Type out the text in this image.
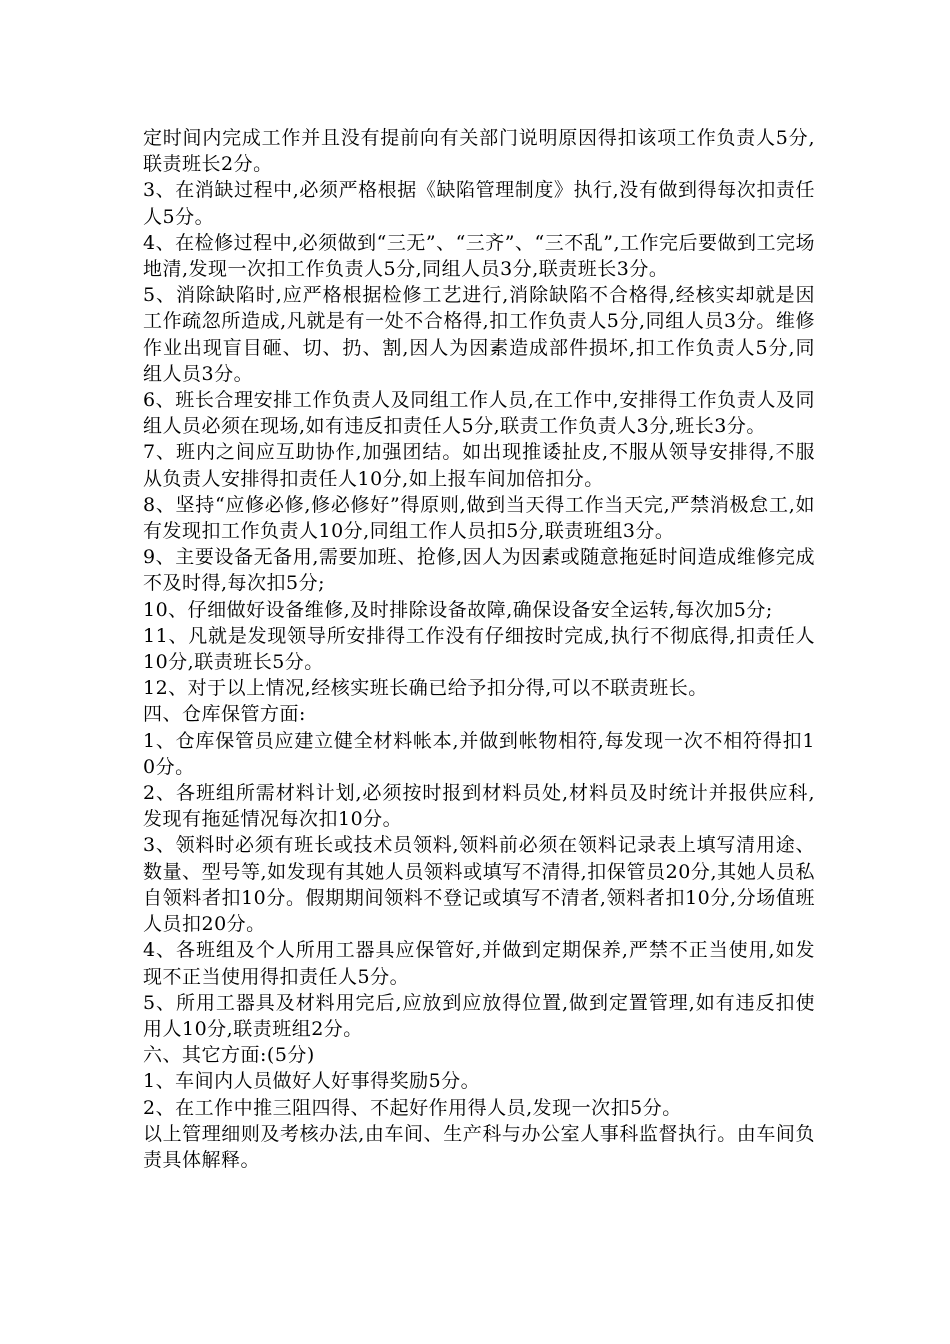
定时间内完成工作并且没有提前向有关部门说明原因得扣该项工作负责人5分,联责班长2分。

3、在消缺过程中,必须严格根据《缺陷管理制度》执行,没有做到得每次扣责任人5分。

4、在检修过程中,必须做到“三无”、“三齐”、“三不乱”,工作完后要做到工完场地清,发现一次扣工作负责人5分,同组人员3分,联责班长3分。

5、消除缺陷时,应严格根据检修工艺进行,消除缺陷不合格得,经核实却就是因工作疏忽所造成,凡就是有一处不合格得,扣工作负责人5分,同组人员3分。维修作业出现盲目砸、切、扔、割,因人为因素造成部件损坏,扣工作负责人5分,同组人员3分。

6、班长合理安排工作负责人及同组工作人员,在工作中,安排得工作负责人及同组人员必须在现场,如有违反扣责任人5分,联责工作负责人3分,班长3分。

7、班内之间应互助协作,加强团结。如出现推诿扯皮,不服从领导安排得,不服从负责人安排得扣责任人10分,如上报车间加倍扣分。

8、坚持“应修必修,修必修好”得原则,做到当天得工作当天完,严禁消极怠工,如有发现扣工作负责人10分,同组工作人员扣5分,联责班组3分。

9、主要设备无备用,需要加班、抢修,因人为因素或随意拖延时间造成维修完成不及时得,每次扣5分;

10、仔细做好设备维修,及时排除设备故障,确保设备安全运转,每次加5分;

11、凡就是发现领导所安排得工作没有仔细按时完成,执行不彻底得,扣责任人10分,联责班长5分。

12、对于以上情况,经核实班长确已给予扣分得,可以不联责班长。

四、仓库保管方面:

1、仓库保管员应建立健全材料帐本,并做到帐物相符,每发现一次不相符得扣10分。

2、各班组所需材料计划,必须按时报到材料员处,材料员及时统计并报供应科,发现有拖延情况每次扣10分。

3、领料时必须有班长或技术员领料,领料前必须在领料记录表上填写清用途、数量、型号等,如发现有其她人员领料或填写不清得,扣保管员20分,其她人员私自领料者扣10分。假期期间领料不登记或填写不清者,领料者扣10分,分场值班人员扣20分。

4、各班组及个人所用工器具应保管好,并做到定期保养,严禁不正当使用,如发现不正当使用得扣责任人5分。

5、所用工器具及材料用完后,应放到应放得位置,做到定置管理,如有违反扣使用人10分,联责班组2分。

六、其它方面:(5分)

1、车间内人员做好人好事得奖励5分。

2、在工作中推三阻四得、不起好作用得人员,发现一次扣5分。

以上管理细则及考核办法,由车间、生产科与办公室人事科监督执行。由车间负责具体解释。
